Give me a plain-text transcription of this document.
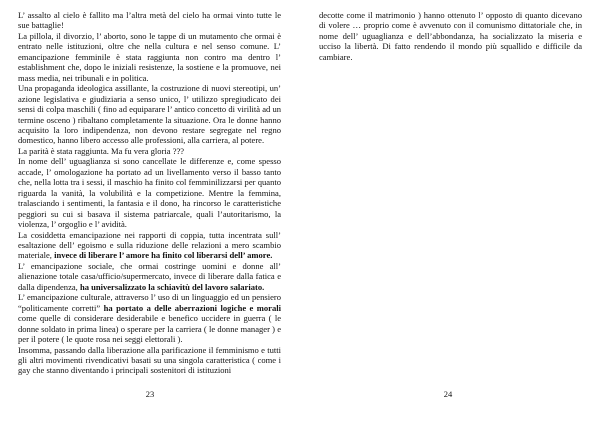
L’ assalto al cielo è fallito ma l’altra metà del cielo ha ormai vinto tutte le sue battaglie!

La pillola, il divorzio, l’ aborto, sono le tappe di un mutamento che ormai è entrato nelle istituzioni, oltre che nella cultura e nel senso comune. L’ emancipazione femminile è stata raggiunta non contro ma dentro l’ establishment che, dopo le iniziali resistenze, la sostiene e la promuove, nei mass media, nei tribunali e in politica.

Una propaganda ideologica assillante, la costruzione di nuovi stereotipi, un’ azione legislativa e giudiziaria a senso unico, l’ utilizzo spregiudicato dei sensi di colpa maschili ( fino ad equiparare l’ antico concetto di virilità ad un termine osceno ) ribaltano completamente la situazione. Ora le donne hanno acquisito la loro indipendenza, non devono restare segregate nel regno domestico, hanno libero accesso alle professioni, alla carriera, al potere.

La parità è stata raggiunta. Ma fu vera gloria ???

In nome dell’ uguaglianza si sono cancellate le differenze e, come spesso accade, l’ omologazione ha portato ad un livellamento verso il basso tanto che, nella lotta tra i sessi, il maschio ha finito col femminilizzarsi per quanto riguarda la vanità, la volubilità e la competizione. Mentre la femmina, tralasciando i sentimenti, la fantasia e il dono, ha rincorso le caratteristiche peggiori su cui si basava il sistema patriarcale, quali l’autoritarismo, la violenza, l’ orgoglio e l’ avidità.

La cosiddetta emancipazione nei rapporti di coppia, tutta incentrata sull’ esaltazione dell’ egoismo e sulla riduzione delle relazioni a mero scambio materiale, invece di liberare l’ amore ha finito col liberarsi dell’ amore.

L’ emancipazione sociale, che ormai costringe uomini e donne all’ alienazione totale casa/ufficio/supermercato, invece di liberare dalla fatica e dalla dipendenza, ha universalizzato la schiavitù del lavoro salariato.

L’ emancipazione culturale, attraverso l’ uso di un linguaggio ed un pensiero “politicamente corretti” ha portato a delle aberrazioni logiche e morali come quelle di considerare desiderabile e benefico uccidere in guerra ( le donne soldato in prima linea) o sperare per la carriera ( le donne manager ) e per il potere ( le quote rosa nei seggi elettorali ).

Insomma, passando dalla liberazione alla parificazione il femminismo e tutti gli altri movimenti rivendicativi basati su una singola caratteristica ( come i gay che stanno diventando i principali sostenitori di istituzioni

23

decotte come il matrimonio ) hanno ottenuto l’ opposto di quanto dicevano di volere … proprio come è avvenuto con il comunismo dittatoriale che, in nome dell’ uguaglianza e dell’abbondanza, ha socializzato la miseria e ucciso la libertà. Di fatto rendendo il mondo più squallido e difficile da cambiare.

24
